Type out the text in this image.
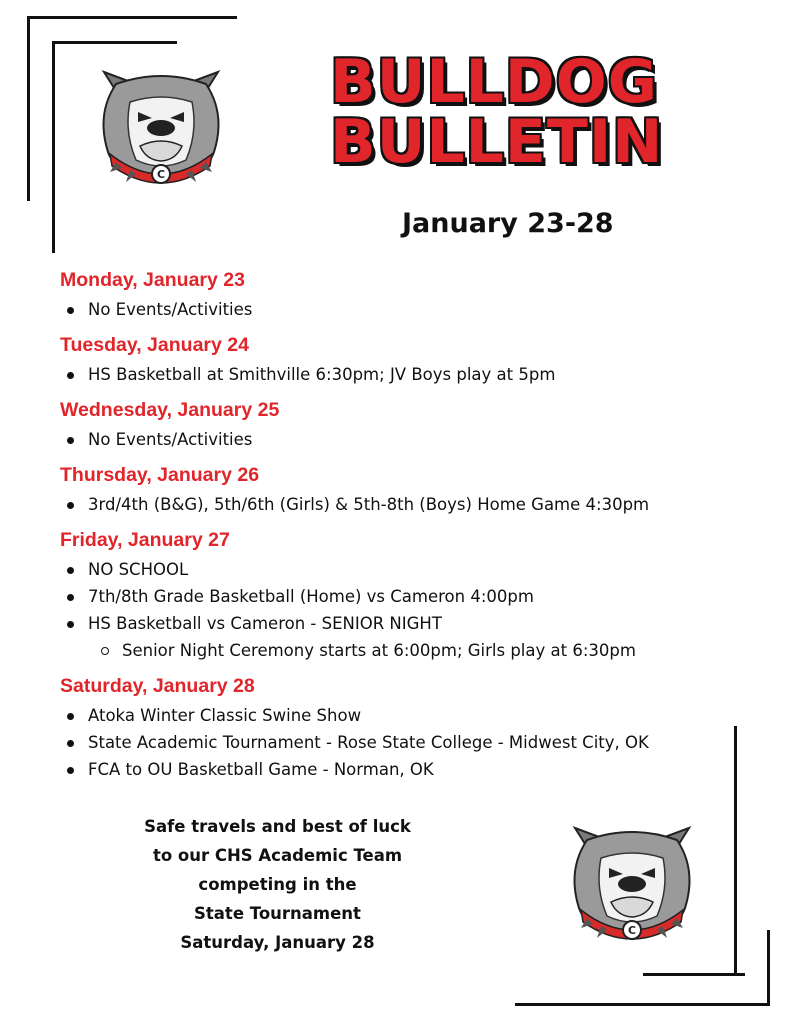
C
BULLDOG
BULLETIN
January 23-28
Monday, January 23
No Events/Activities
Tuesday, January 24
HS Basketball at Smithville 6:30pm; JV Boys play at 5pm
Wednesday, January 25
No Events/Activities
Thursday, January 26
3rd/4th (B&G), 5th/6th (Girls) & 5th-8th (Boys) Home Game 4:30pm
Friday, January 27
NO SCHOOL
7th/8th Grade Basketball (Home) vs Cameron 4:00pm
HS Basketball vs Cameron - SENIOR NIGHT
Senior Night Ceremony starts at 6:00pm; Girls play at 6:30pm
Saturday, January 28
Atoka Winter Classic Swine Show
State Academic Tournament - Rose State College - Midwest City, OK
FCA to OU Basketball Game - Norman, OK
Safe travels and best of luck
to our CHS Academic Team
competing in the
State Tournament
Saturday, January 28
C
